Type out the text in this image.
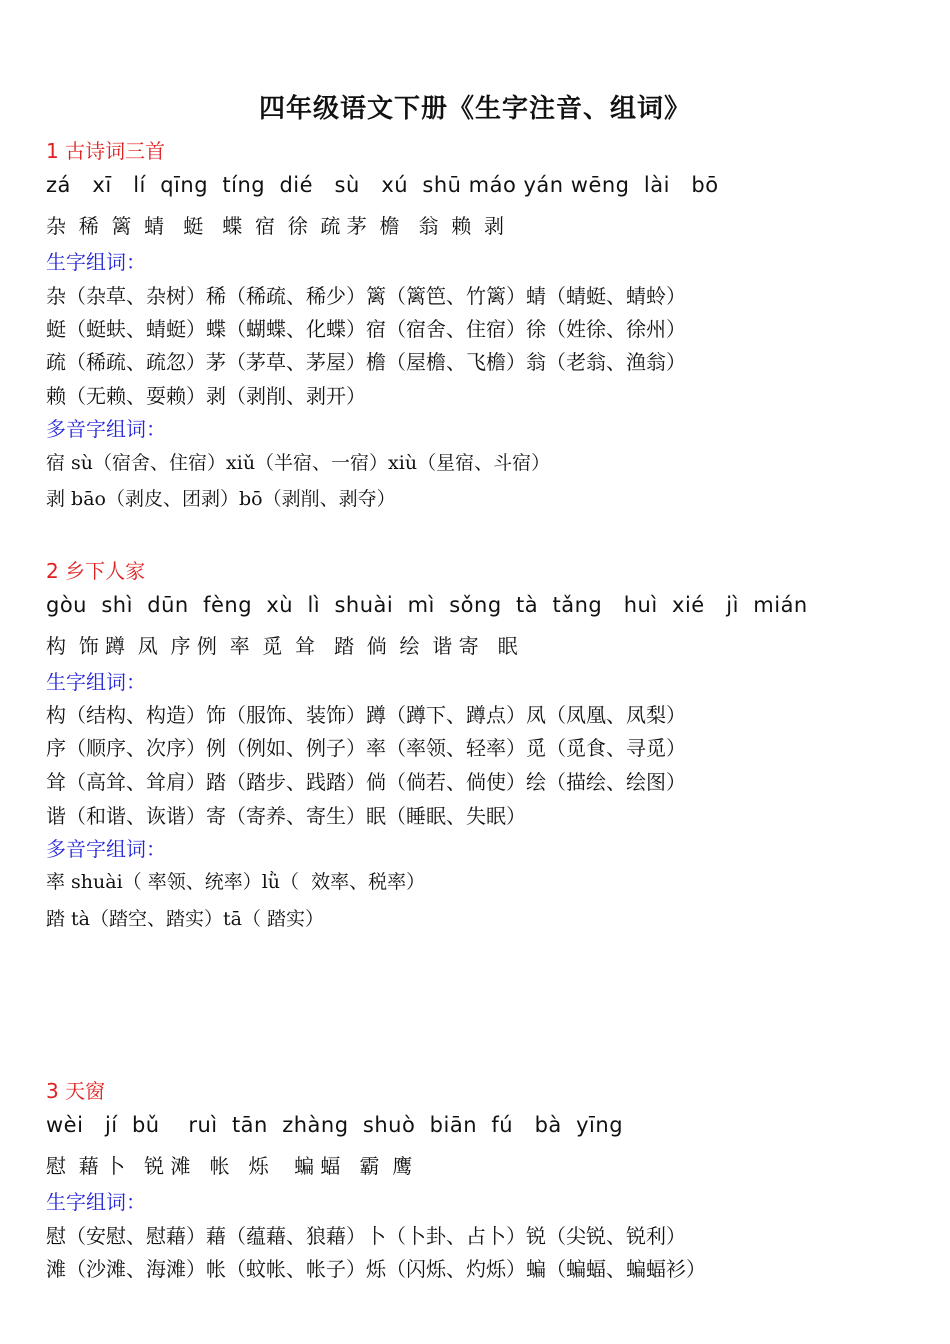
四年级语文下册《生字注音、组词》
1 古诗词三首
zá   xī   lí  qīng  tíng  dié   sù   xú  shū máo yán wēng  lài   bō
杂  稀  篱  蜻   蜓   蝶  宿  徐  疏 茅  檐   翁  赖  剥
生字组词：
杂（杂草、杂树）稀（稀疏、稀少）篱（篱笆、竹篱）蜻（蜻蜓、蜻蛉）
蜓（蜓蚨、蜻蜓）蝶（蝴蝶、化蝶）宿（宿舍、住宿）徐（姓徐、徐州）
疏（稀疏、疏忽）茅（茅草、茅屋）檐（屋檐、飞檐）翁（老翁、渔翁）
赖（无赖、耍赖）剥（剥削、剥开）
多音字组词：
宿 sù（宿舍、住宿）xiǔ（半宿、一宿）xiù（星宿、斗宿）
剥 bāo（剥皮、团剥）bō（剥削、剥夺）
2 乡下人家
gòu  shì  dūn  fèng  xù  lì  shuài  mì  sǒng  tà  tǎng   huì  xié   jì  mián
构  饰 蹲  凤  序 例  率  觅  耸   踏  倘  绘  谐 寄   眠
生字组词：
构（结构、构造）饰（服饰、装饰）蹲（蹲下、蹲点）凤（凤凰、凤梨）
序（顺序、次序）例（例如、例子）率（率领、轻率）觅（觅食、寻觅）
耸（高耸、耸肩）踏（踏步、践踏）倘（倘若、倘使）绘（描绘、绘图）
谐（和谐、诙谐）寄（寄养、寄生）眠（睡眠、失眠）
多音字组词：
率 shuài（ 率领、统率）lǜ（  效率、税率）
踏 tà（踏空、踏实）tā（ 踏实）
3 天窗
wèi   jí  bǔ    ruì  tān  zhàng  shuò  biān  fú   bà  yīng
慰  藉 卜   锐 滩   帐   烁    蝙 蝠   霸  鹰
生字组词：
慰（安慰、慰藉）藉（蕴藉、狼藉）卜（卜卦、占卜）锐（尖锐、锐利）
滩（沙滩、海滩）帐（蚊帐、帐子）烁（闪烁、灼烁）蝙（蝙蝠、蝙蝠衫）
